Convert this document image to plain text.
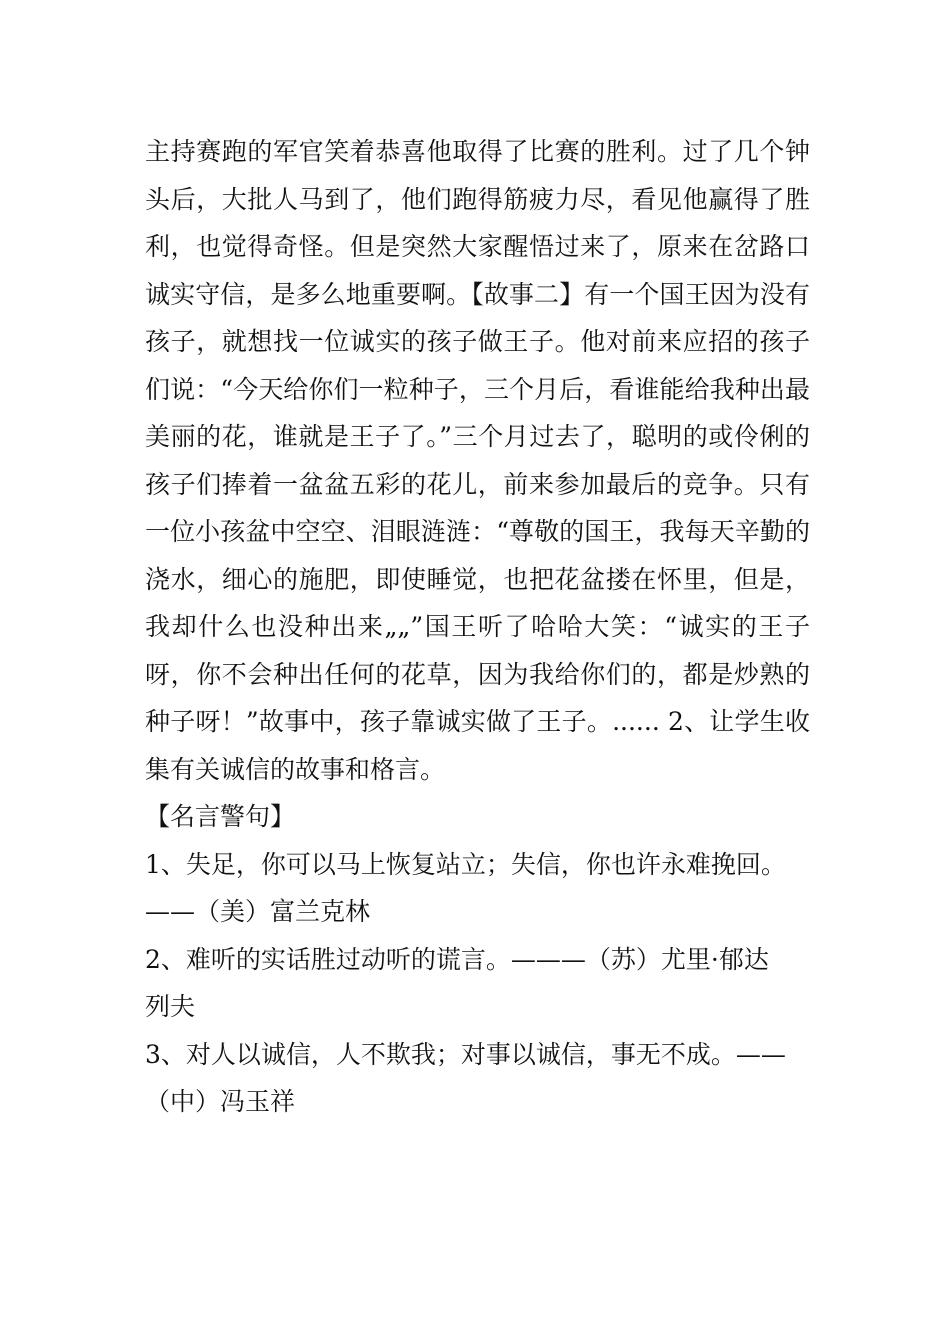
主持赛跑的军官笑着恭喜他取得了比赛的胜利。过了几个钟头后，大批人马到了，他们跑得筋疲力尽，看见他赢得了胜利，也觉得奇怪。但是突然大家醒悟过来了，原来在岔路口诚实守信，是多么地重要啊。【故事二】有一个国王因为没有孩子，就想找一位诚实的孩子做王子。他对前来应招的孩子们说：“今天给你们一粒种子，三个月后，看谁能给我种出最美丽的花，谁就是王子了。”三个月过去了，聪明的或伶俐的孩子们捧着一盆盆五彩的花儿，前来参加最后的竞争。只有一位小孩盆中空空、泪眼涟涟：“尊敬的国王，我每天辛勤的浇水，细心的施肥，即使睡觉，也把花盆搂在怀里，但是，我却什么也没种出来„„”国王听了哈哈大笑：“诚实的王子呀，你不会种出任何的花草，因为我给你们的，都是炒熟的种子呀！”故事中，孩子靠诚实做了王子。...... 2、让学生收集有关诚信的故事和格言。

【名言警句】

1、失足，你可以马上恢复站立；失信，你也许永难挽回。
——（美）富兰克林

2、难听的实话胜过动听的谎言。———（苏）尤里·郁达
列夫

3、对人以诚信，人不欺我；对事以诚信，事无不成。——
（中）冯玉祥
